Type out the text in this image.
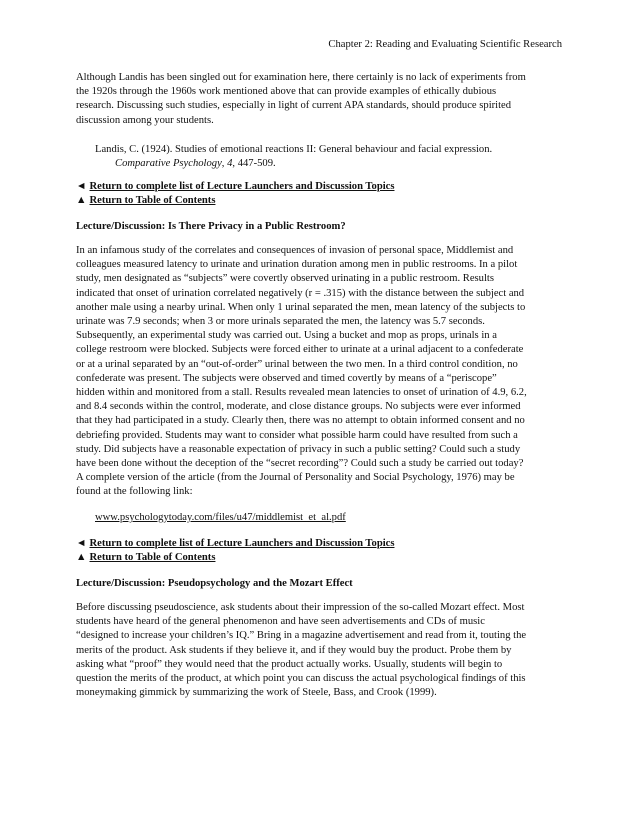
Chapter 2: Reading and Evaluating Scientific Research
Although Landis has been singled out for examination here, there certainly is no lack of experiments from
the 1920s through the 1960s work mentioned above that can provide examples of ethically dubious
research. Discussing such studies, especially in light of current APA standards, should produce spirited
discussion among your students.
Landis, C. (1924). Studies of emotional reactions II: General behaviour and facial expression.
Comparative Psychology, 4, 447-509.
◄ Return to complete list of Lecture Launchers and Discussion Topics
▲ Return to Table of Contents
Lecture/Discussion: Is There Privacy in a Public Restroom?
In an infamous study of the correlates and consequences of invasion of personal space, Middlemist and
colleagues measured latency to urinate and urination duration among men in public restrooms. In a pilot
study, men designated as “subjects” were covertly observed urinating in a public restroom. Results
indicated that onset of urination correlated negatively (r = .315) with the distance between the subject and
another male using a nearby urinal. When only 1 urinal separated the men, mean latency of the subjects to
urinate was 7.9 seconds; when 3 or more urinals separated the men, the latency was 5.7 seconds.
Subsequently, an experimental study was carried out. Using a bucket and mop as props, urinals in a
college restroom were blocked. Subjects were forced either to urinate at a urinal adjacent to a confederate
or at a urinal separated by an “out-of-order” urinal between the two men. In a third control condition, no
confederate was present. The subjects were observed and timed covertly by means of a “periscope”
hidden within and monitored from a stall. Results revealed mean latencies to onset of urination of 4.9, 6.2,
and 8.4 seconds within the control, moderate, and close distance groups. No subjects were ever informed
that they had participated in a study. Clearly then, there was no attempt to obtain informed consent and no
debriefing provided. Students may want to consider what possible harm could have resulted from such a
study. Did subjects have a reasonable expectation of privacy in such a public setting? Could such a study
have been done without the deception of the “secret recording”? Could such a study be carried out today?
A complete version of the article (from the Journal of Personality and Social Psychology, 1976) may be
found at the following link:
www.psychologytoday.com/files/u47/middlemist_et_al.pdf
◄ Return to complete list of Lecture Launchers and Discussion Topics
▲ Return to Table of Contents
Lecture/Discussion: Pseudopsychology and the Mozart Effect
Before discussing pseudoscience, ask students about their impression of the so-called Mozart effect. Most
students have heard of the general phenomenon and have seen advertisements and CDs of music
“designed to increase your children’s IQ.” Bring in a magazine advertisement and read from it, touting the
merits of the product. Ask students if they believe it, and if they would buy the product. Probe them by
asking what “proof” they would need that the product actually works. Usually, students will begin to
question the merits of the product, at which point you can discuss the actual psychological findings of this
moneymaking gimmick by summarizing the work of Steele, Bass, and Crook (1999).
